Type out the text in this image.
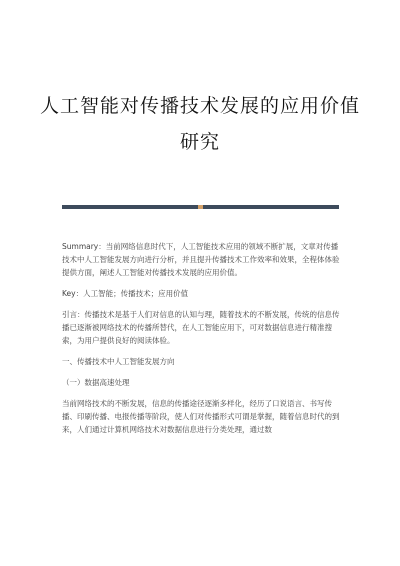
人工智能对传播技术发展的应用价值研究

Summary：当前网络信息时代下，人工智能技术应用的领域不断扩展，文章对传播技术中人工智能发展方向进行分析，并且提升传播技术工作效率和效果，全程体体验提供方面，阐述人工智能对传播技术发展的应用价值。

Key：人工智能；传播技术；应用价值

引言：传播技术是基于人们对信息的认知与理，随着技术的不断发展，传统的信息传播已逐渐被网络技术的传播所替代，在人工智能应用下，可对数据信息进行精准搜索，为用户提供良好的阅读体验。

一、传播技术中人工智能发展方向

（一）数据高速处理

当前网络技术的不断发展，信息的传播途径逐渐多样化，经历了口说语言、书写传播、印刷传播、电报传播等阶段，使人们对传播形式可谓是掌握，随着信息时代的到来，人们通过计算机网络技术对数据信息进行分类处理，通过数
